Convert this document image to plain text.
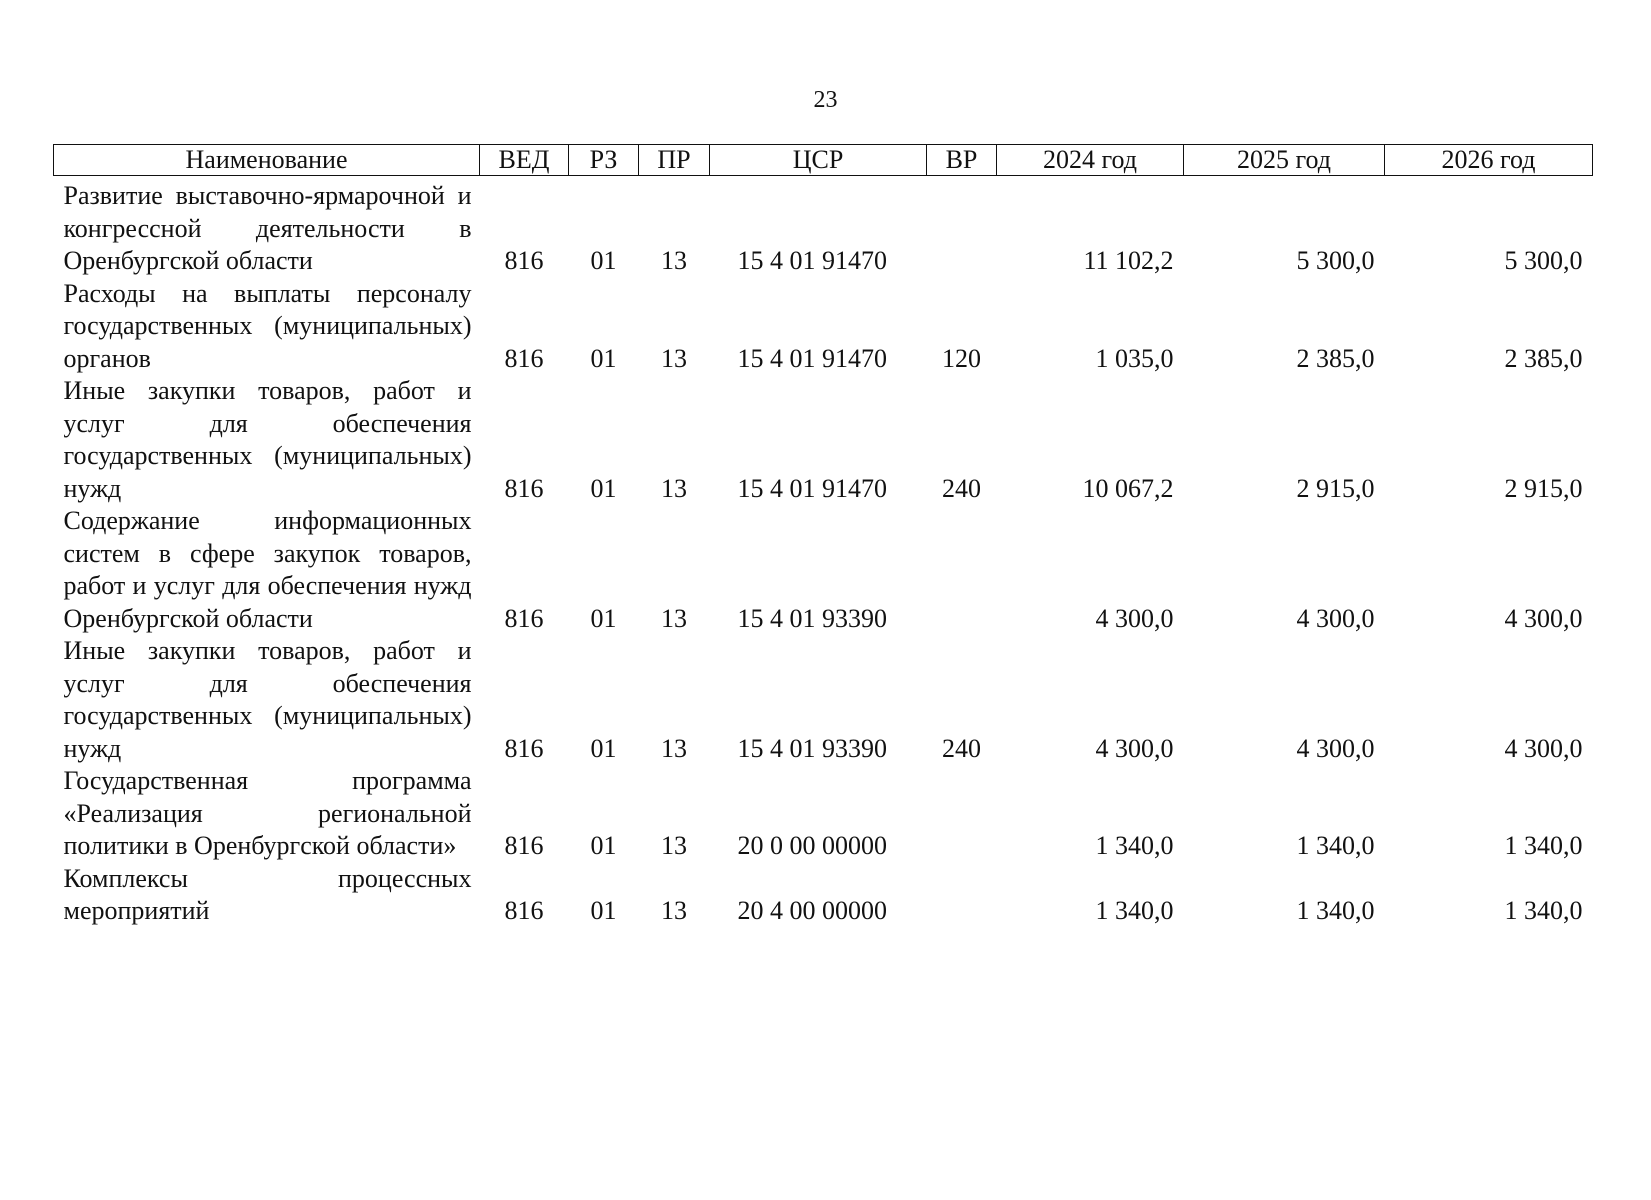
23
Наименование	ВЕД	РЗ	ПР	ЦСР	ВР	2024 год	2025 год	2026 год
Развитие выставочно-ярмарочной и конгрессной деятельности в Оренбургской области	816	01	13	15 4 01 91470		11 102,2	5 300,0	5 300,0
Расходы на выплаты персоналу государственных (муниципальных) органов	816	01	13	15 4 01 91470	120	1 035,0	2 385,0	2 385,0
Иные закупки товаров, работ и услуг для обеспечения государственных (муниципальных) нужд	816	01	13	15 4 01 91470	240	10 067,2	2 915,0	2 915,0
Содержание информационных систем в сфере закупок товаров, работ и услуг для обеспечения нужд Оренбургской области	816	01	13	15 4 01 93390		4 300,0	4 300,0	4 300,0
Иные закупки товаров, работ и услуг для обеспечения государственных (муниципальных) нужд	816	01	13	15 4 01 93390	240	4 300,0	4 300,0	4 300,0
Государственная программа «Реализация региональной политики в Оренбургской области»	816	01	13	20 0 00 00000		1 340,0	1 340,0	1 340,0
Комплексы процессных мероприятий	816	01	13	20 4 00 00000		1 340,0	1 340,0	1 340,0
